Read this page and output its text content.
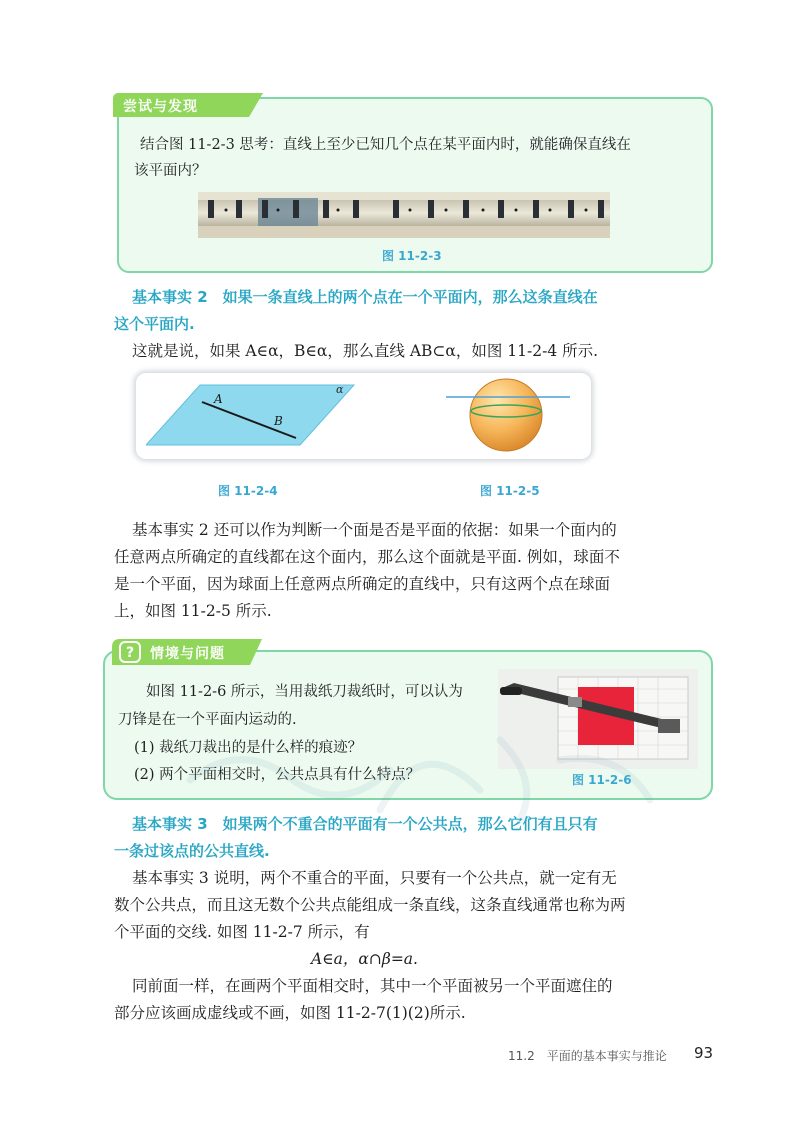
尝试与发现
结合图 11-2-3 思考：直线上至少已知几个点在某平面内时，就能确保直线在
该平面内？
图 11-2-3
基本事实 2　如果一条直线上的两个点在一个平面内，那么这条直线在
这个平面内.
这就是说，如果 A∈α，B∈α，那么直线 AB⊂α，如图 11-2-4 所示.
α
A
B
图 11-2-4	图 11-2-5
基本事实 2 还可以作为判断一个面是否是平面的依据：如果一个面内的
任意两点所确定的直线都在这个面内，那么这个面就是平面. 例如，球面不
是一个平面，因为球面上任意两点所确定的直线中，只有这两个点在球面
上，如图 11-2-5 所示.
? 情境与问题
如图 11-2-6 所示，当用裁纸刀裁纸时，可以认为
刀锋是在一个平面内运动的.
(1) 裁纸刀裁出的是什么样的痕迹？
(2) 两个平面相交时，公共点具有什么特点？	图 11-2-6
基本事实 3　如果两个不重合的平面有一个公共点，那么它们有且只有
一条过该点的公共直线.
基本事实 3 说明，两个不重合的平面，只要有一个公共点，就一定有无
数个公共点，而且这无数个公共点能组成一条直线，这条直线通常也称为两
个平面的交线. 如图 11-2-7 所示，有
A∈a，α∩β=a.
同前面一样，在画两个平面相交时，其中一个平面被另一个平面遮住的
部分应该画成虚线或不画，如图 11-2-7(1)(2)所示.
11.2　平面的基本事实与推论 93
